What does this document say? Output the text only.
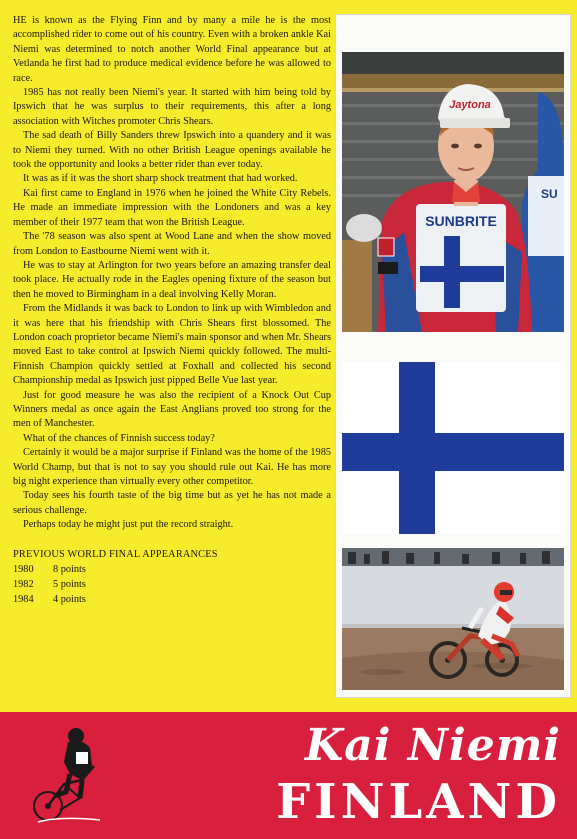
HE is known as the Flying Finn and by many a mile he is the most accomplished rider to come out of his country. Even with a broken ankle Kai Niemi was determined to notch another World Final appearance but at Vetlanda he first had to produce medical evidence before he was allowed to race.

1985 has not really been Niemi's year. It started with him being told by Ipswich that he was surplus to their requirements, this after a long association with Witches promoter Chris Shears.

The sad death of Billy Sanders threw Ipswich into a quandery and it was to Niemi they turned. With no other British League openings available he took the opportunity and looks a better rider than ever today.

It was as if it was the short sharp shock treatment that had worked.

Kai first came to England in 1976 when he joined the White City Rebels. He made an immediate impression with the Londoners and was a key member of their 1977 team that won the British League.

The '78 season was also spent at Wood Lane and when the show moved from London to Eastbourne Niemi went with it.

He was to stay at Arlington for two years before an amazing transfer deal took place. He actually rode in the Eagles opening fixture of the season but then he moved to Birmingham in a deal involving Kelly Moran.

From the Midlands it was back to London to link up with Wimbledon and it was here that his friendship with Chris Shears first blossomed. The London coach proprietor became Niemi's main sponsor and when Mr. Shears moved East to take control at Ipswich Niemi quickly followed. The multi-Finnish Champion quickly settled at Foxhall and collected his second Championship medal as Ipswich just pipped Belle Vue last year.

Just for good measure he was also the recipient of a Knock Out Cup Winners medal as once again the East Anglians proved too strong for the men of Manchester.

What of the chances of Finnish success today?

Certainly it would be a major surprise if Finland was the home of the 1985 World Champ, but that is not to say you should rule out Kai. He has more big night experience than virtually every other competitor.

Today sees his fourth taste of the big time but as yet he has not made a serious challenge.

Perhaps today he might just put the record straight.

PREVIOUS WORLD FINAL APPEARANCES
1980	8 points
1982	5 points
1984	4 points
SU
SUNBRITE
Jaytona
Kai Niemi
FINLAND
